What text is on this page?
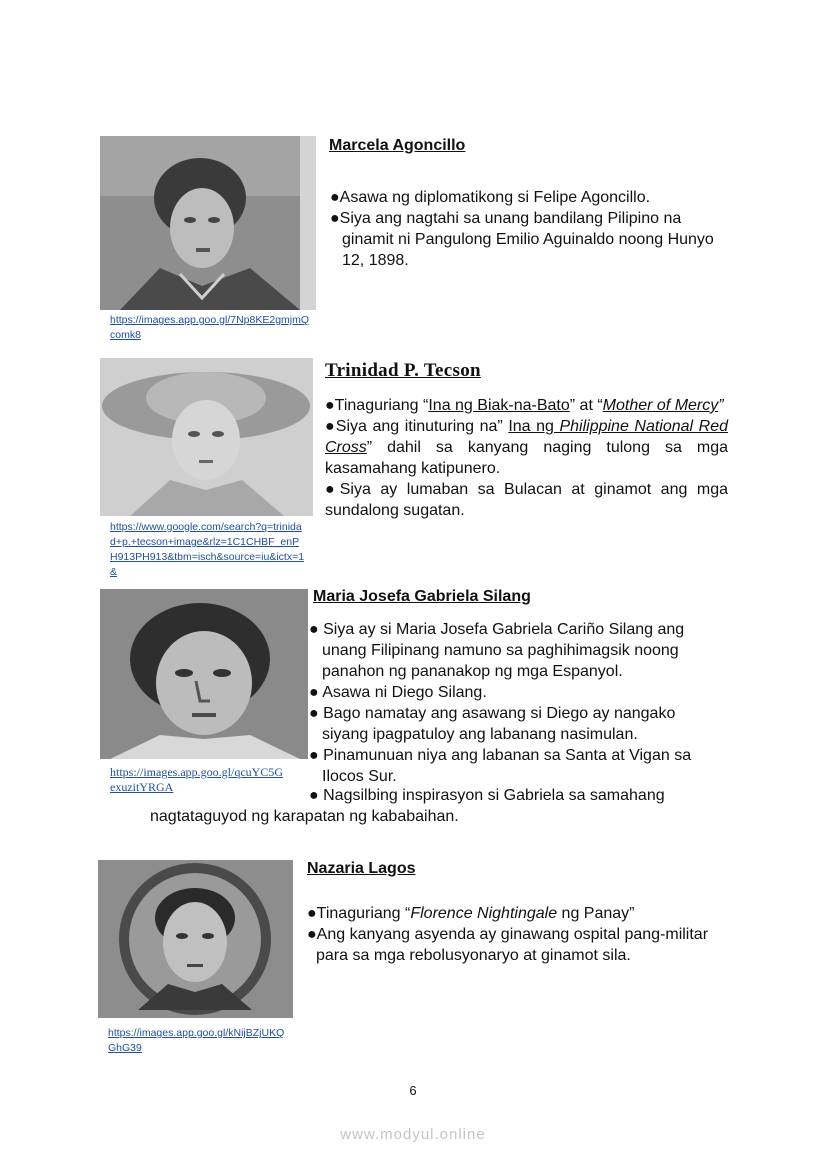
https://images.app.goo.gl/7Np8KE2gmjmQcomk8
Marcela Agoncillo

●Asawa ng diplomatikong si Felipe Agoncillo.

●Siya ang nagtahi sa unang bandilang Pilipino na ginamit ni Pangulong Emilio Aguinaldo noong Hunyo 12, 1898.

https://www.google.com/search?q=trinidad+p.+tecson+image&rlz=1C1CHBF_enPH913PH913&tbm=isch&source=iu&ictx=1&
Trinidad P. Tecson

●Tinaguriang “Ina ng Biak-na-Bato” at “Mother of Mercy”

●Siya ang itinuturing na” Ina ng Philippine National Red Cross” dahil sa kanyang naging tulong sa mga kasamahang katipunero.

●Siya ay lumaban sa Bulacan at ginamot ang mga sundalong sugatan.

https://images.app.goo.gl/qcuYC5GexuzitYRGA
Maria Josefa Gabriela Silang

● Siya ay si Maria Josefa Gabriela Cariño Silang ang unang Filipinang namuno sa paghihimagsik noong panahon ng pananakop ng mga Espanyol.

● Asawa ni Diego Silang.

● Bago namatay ang asawang si Diego ay nangako siyang ipagpatuloy ang labanang nasimulan.

● Pinamunuan niya ang labanan sa Santa at Vigan sa Ilocos Sur.

● Nagsilbing inspirasyon si Gabriela sa samahang
nagtataguyod ng karapatan ng kababaihan.
https://images.app.goo.gl/kNijBZjUKQGhG39
Nazaria Lagos

●Tinaguriang “Florence Nightingale ng Panay”

●Ang kanyang asyenda ay ginawang ospital pang-militar para sa mga rebolusyonaryo at ginamot sila.

6
www.modyul.online
